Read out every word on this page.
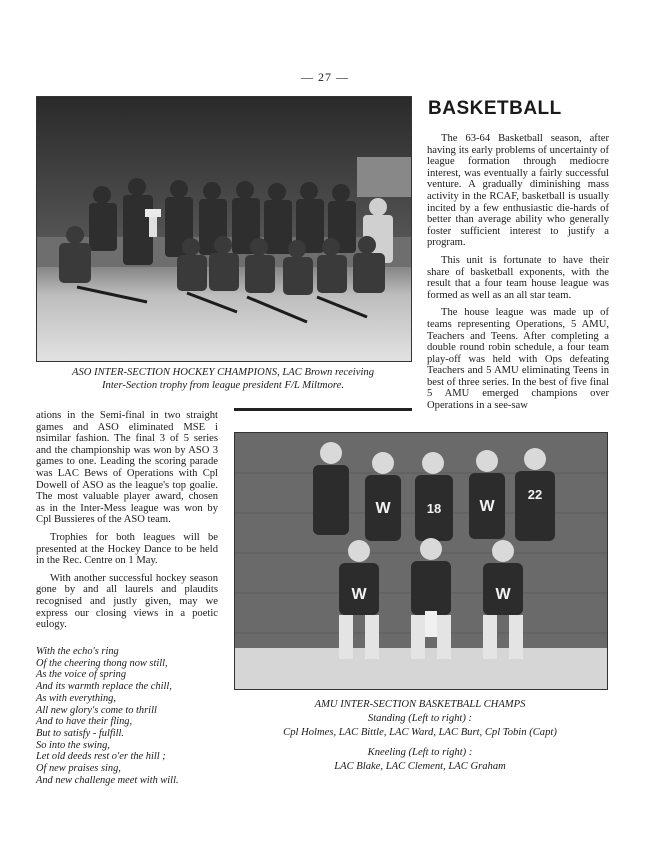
— 27 —
ASO INTER-SECTION HOCKEY CHAMPIONS, LAC Brown receiving
Inter-Section trophy from league president F/L Miltmore.
BASKETBALL

The 63-64 Basketball season, after having its early problems of uncertainty of league formation through mediocre interest, was eventually a fairly successful venture. A gradually diminishing mass activity in the RCAF, basketball is usually incited by a few enthusiastic die-hards of better than average ability who generally foster sufficient interest to justify a program.

This unit is fortunate to have their share of basketball exponents, with the result that a four team house league was formed as well as an all star team.

The house league was made up of teams representing Operations, 5 AMU, Teachers and Teens. After completing a double round robin schedule, a four team play-off was held with Ops defeating Teachers and 5 AMU eliminating Teens in best of three series. In the best of five final 5 AMU emerged champions over Operations in a see-saw

ations in the Semi-final in two straight games and ASO eliminated MSE i nsimilar fashion. The final 3 of 5 series and the championship was won by ASO 3 games to one. Leading the scoring parade was LAC Bews of Operations with Cpl Dowell of ASO as the league's top goalie. The most valuable player award, chosen as in the Inter-Mess league was won by Cpl Bussieres of the ASO team.

Trophies for both leagues will be presented at the Hockey Dance to be held in the Rec. Centre on 1 May.

With another successful hockey season gone by and all laurels and plaudits recognised and justly given, may we express our closing views in a poetic eulogy.

With the echo's ring
Of the cheering thong now still,
As the voice of spring
And its warmth replace the chill,
As with everything,
All new glory's come to thrill
And to have their fling,
But to satisfy - fulfill.
So into the swing,
Let old deeds rest o'er the hill ;
Of new praises sing,
And new challenge meet with will.
W	W
W	W
18
22
AMU INTER-SECTION BASKETBALL CHAMPS
Standing (Left to right) :
Cpl Holmes, LAC Bittle, LAC Ward, LAC Burt, Cpl Tobin (Capt)
Kneeling (Left to right) :
LAC Blake, LAC Clement, LAC Graham
